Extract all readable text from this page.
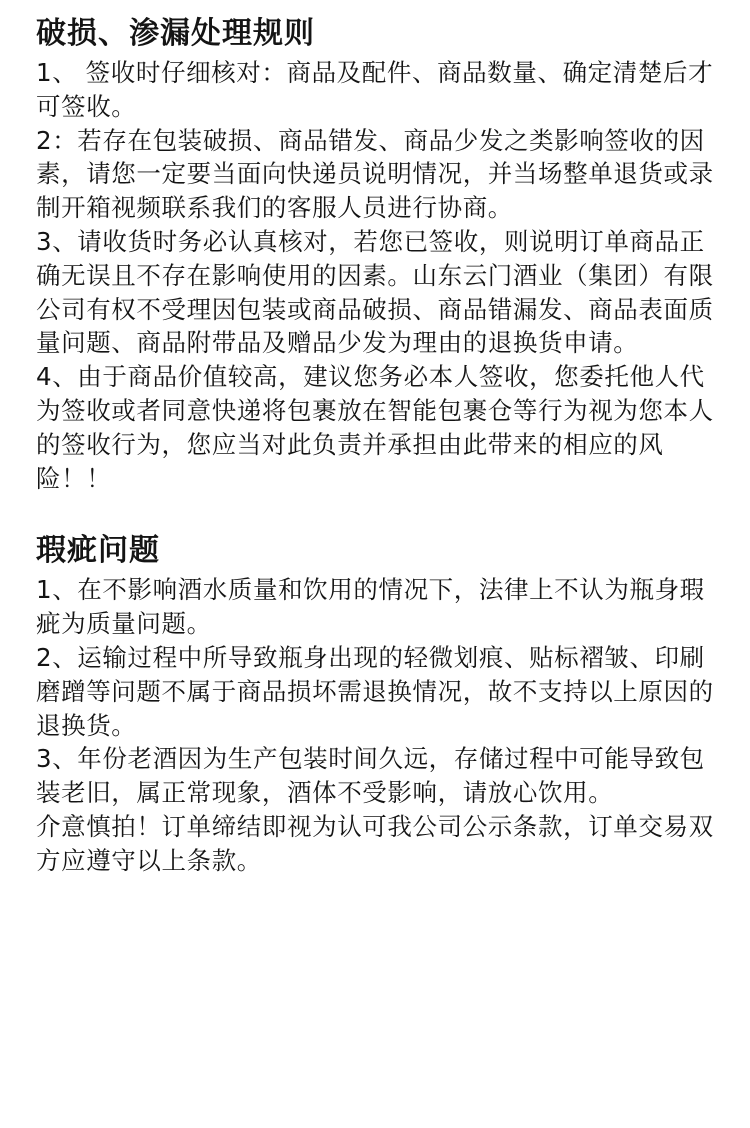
破损、渗漏处理规则

1、 签收时仔细核对：商品及配件、商品数量、确定清楚后才可签收。

2：若存在包装破损、商品错发、商品少发之类影响签收的因素，请您一定要当面向快递员说明情况，并当场整单退货或录制开箱视频联系我们的客服人员进行协商。

3、请收货时务必认真核对，若您已签收，则说明订单商品正确无误且不存在影响使用的因素。山东云门酒业（集团）有限公司有权不受理因包装或商品破损、商品错漏发、商品表面质量问题、商品附带品及赠品少发为理由的退换货申请。

4、由于商品价值较高，建议您务必本人签收，您委托他人代为签收或者同意快递将包裹放在智能包裹仓等行为视为您本人的签收行为，您应当对此负责并承担由此带来的相应的风险！！

瑕疵问题

1、在不影响酒水质量和饮用的情况下，法律上不认为瓶身瑕疵为质量问题。

2、运输过程中所导致瓶身出现的轻微划痕、贴标褶皱、印刷磨蹭等问题不属于商品损坏需退换情况，故不支持以上原因的退换货。

3、年份老酒因为生产包装时间久远，存储过程中可能导致包装老旧，属正常现象，酒体不受影响，请放心饮用。

介意慎拍！订单缔结即视为认可我公司公示条款，订单交易双方应遵守以上条款。
